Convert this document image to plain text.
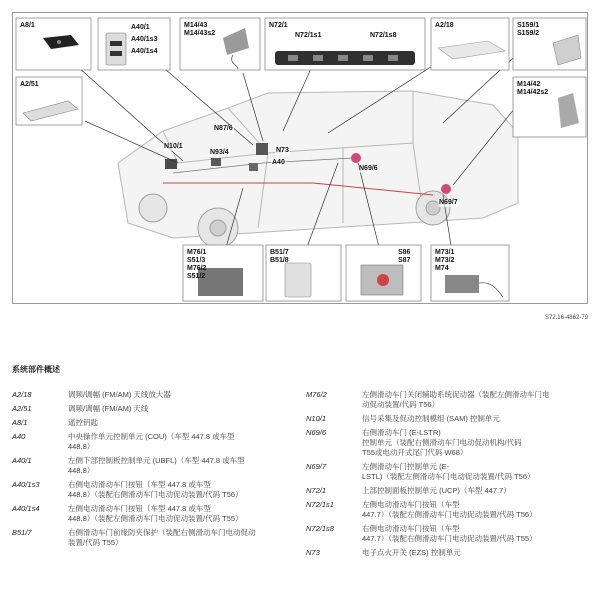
A8/1	A40/1
A40/1s3
A40/1s4
M14/43
M14/43s2
N72/1
N72/1s1	N72/1s8
A2/18	S159/1
S159/2
A2/51	M14/42
M14/42s2
M76/1
S51/3
M76/2
S51/2
B51/7
B51/8
S86
S87
M73/1
M73/2
M74
N87/6
N10/1
N93/4	N73
A40
N69/6
N69/7
S72.16-4862-79
系统部件概述
A2/18	调频/调幅 (FM/AM) 天线放大器
A2/51	调频/调幅 (FM/AM) 天线
A8/1	遥控钥匙
A40	中央操作单元控制单元 (COU)（车型 447.8 或车型
448.8）
A40/1	左侧下部控制板控制单元 (UBFL)（车型 447.8 或车型
448.8）
A40/1s3	右侧电动滑动车门按钮（车型 447.8 或车型
448.8）（装配右侧滑动车门电动促动装置/代码 T56）
A40/1s4	左侧电动滑动车门按钮（车型 447.8 或车型
448.8）（装配左侧滑动车门电动促动装置/代码 T55）
B51/7	右侧滑动车门前缘防夹保护（装配右侧滑动车门电动促动
装置/代码 T55）
M76/2	左侧滑动车门关闭辅助系统促动器（装配左侧滑动车门电
动促动装置/代码 T56）
N10/1	信号采集及促动控制模组 (SAM) 控制单元
N69/6	右侧滑动车门 (E-LSTR)
控制单元（装配右侧滑动车门电动促动机构/代码
T55或电动开式尾门代码 W68）
N69/7	左侧滑动车门控制单元 (E-
LSTL)（装配左侧滑动车门电动促动装置/代码 T56）
N72/1	上部控制面板控制单元 (UCP)（车型 447.7）
N72/1s1	左侧电动滑动车门按钮（车型
447.7）（装配左侧滑动车门电动促动装置/代码 T56）
N72/1s8	右侧电动滑动车门按钮（车型
447.7）（装配右侧滑动车门电动促动装置/代码 T55）
N73	电子点火开关 (EZS) 控制单元
